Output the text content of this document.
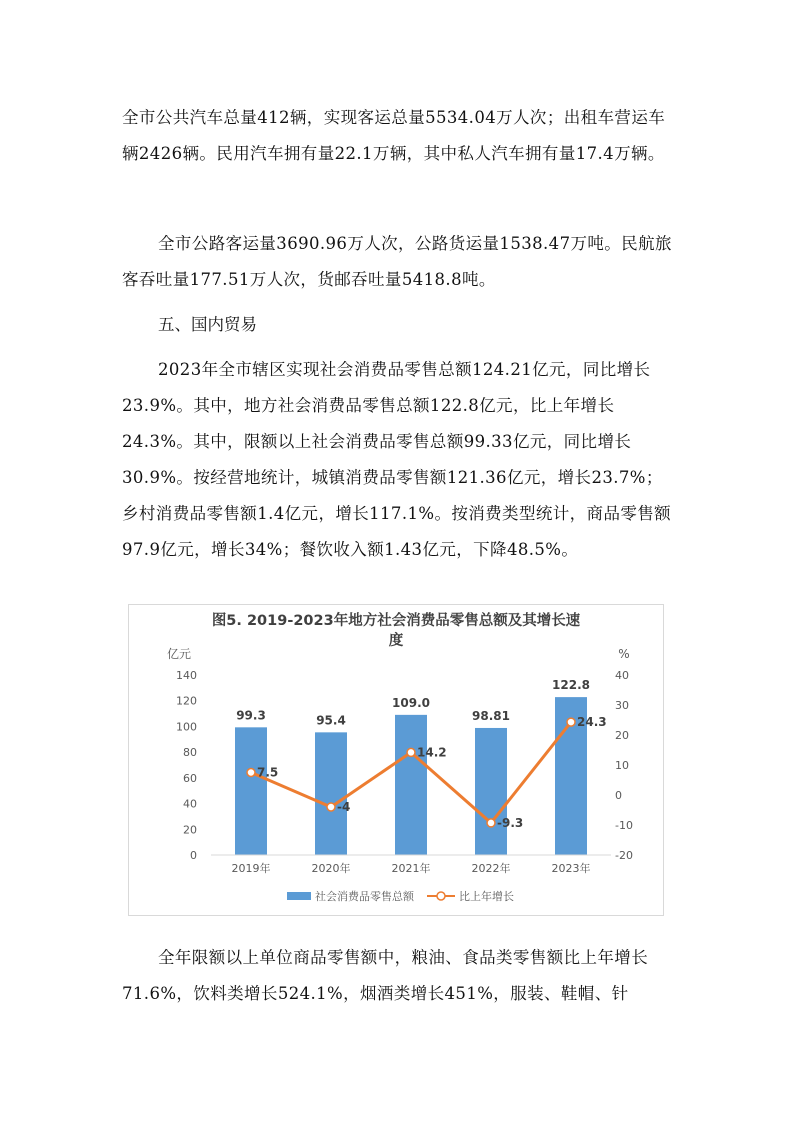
全市公共汽车总量412辆，实现客运总量5534.04万人次；出租车营运车辆2426辆。民用汽车拥有量22.1万辆，其中私人汽车拥有量17.4万辆。

全市公路客运量3690.96万人次，公路货运量1538.47万吨。民航旅客吞吐量177.51万人次，货邮吞吐量5418.8吨。

五、国内贸易

2023年全市辖区实现社会消费品零售总额124.21亿元，同比增长23.9%。其中，地方社会消费品零售总额122.8亿元，比上年增长24.3%。其中，限额以上社会消费品零售总额99.33亿元，同比增长30.9%。按经营地统计，城镇消费品零售额121.36亿元，增长23.7%；乡村消费品零售额1.4亿元，增长117.1%。按消费类型统计，商品零售额97.9亿元，增长34%；餐饮收入额1.43亿元，下降48.5%。

图5. 2019-2023年地方社会消费品零售总额及其增长速
度
亿元	%
0
20
40
60
80
100
120
140
-20
-10
0
10
20
30
40
2019年	2020年	2021年	2022年	2023年
99.3	95.4
109.0
98.81
122.8
7.5
-4
14.2
-9.3
24.3
社会消费品零售总额	比上年增长

全年限额以上单位商品零售额中，粮油、食品类零售额比上年增长71.6%，饮料类增长524.1%，烟酒类增长451%，服装、鞋帽、针
